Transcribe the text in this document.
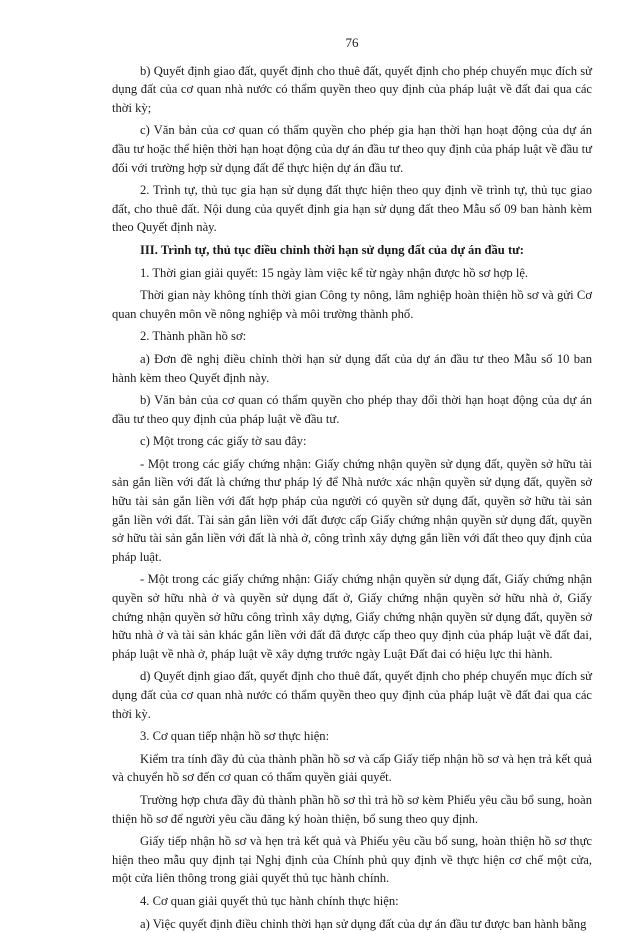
76

b) Quyết định giao đất, quyết định cho thuê đất, quyết định cho phép chuyển mục đích sử dụng đất của cơ quan nhà nước có thẩm quyền theo quy định của pháp luật về đất đai qua các thời kỳ;

c) Văn bản của cơ quan có thẩm quyền cho phép gia hạn thời hạn hoạt động của dự án đầu tư hoặc thể hiện thời hạn hoạt động của dự án đầu tư theo quy định của pháp luật về đầu tư đối với trường hợp sử dụng đất để thực hiện dự án đầu tư.

2. Trình tự, thủ tục gia hạn sử dụng đất thực hiện theo quy định về trình tự, thủ tục giao đất, cho thuê đất. Nội dung của quyết định gia hạn sử dụng đất theo Mẫu số 09 ban hành kèm theo Quyết định này.

III. Trình tự, thủ tục điều chỉnh thời hạn sử dụng đất của dự án đầu tư:

1. Thời gian giải quyết: 15 ngày làm việc kể từ ngày nhận được hồ sơ hợp lệ.

Thời gian này không tính thời gian Công ty nông, lâm nghiệp hoàn thiện hồ sơ và gửi Cơ quan chuyên môn về nông nghiệp và môi trường thành phố.

2. Thành phần hồ sơ:

a) Đơn đề nghị điều chỉnh thời hạn sử dụng đất của dự án đầu tư theo Mẫu số 10 ban hành kèm theo Quyết định này.

b) Văn bản của cơ quan có thẩm quyền cho phép thay đổi thời hạn hoạt động của dự án đầu tư theo quy định của pháp luật về đầu tư.

c) Một trong các giấy tờ sau đây:

- Một trong các giấy chứng nhận: Giấy chứng nhận quyền sử dụng đất, quyền sở hữu tài sản gắn liền với đất là chứng thư pháp lý để Nhà nước xác nhận quyền sử dụng đất, quyền sở hữu tài sản gắn liền với đất hợp pháp của người có quyền sử dụng đất, quyền sở hữu tài sản gắn liền với đất. Tài sản gắn liền với đất được cấp Giấy chứng nhận quyền sử dụng đất, quyền sở hữu tài sản gắn liền với đất là nhà ở, công trình xây dựng gắn liền với đất theo quy định của pháp luật.

- Một trong các giấy chứng nhận: Giấy chứng nhận quyền sử dụng đất, Giấy chứng nhận quyền sở hữu nhà ở và quyền sử dụng đất ở, Giấy chứng nhận quyền sở hữu nhà ở, Giấy chứng nhận quyền sở hữu công trình xây dựng, Giấy chứng nhận quyền sử dụng đất, quyền sở hữu nhà ở và tài sản khác gắn liền với đất đã được cấp theo quy định của pháp luật về đất đai, pháp luật về nhà ở, pháp luật về xây dựng trước ngày Luật Đất đai có hiệu lực thi hành.

d) Quyết định giao đất, quyết định cho thuê đất, quyết định cho phép chuyển mục đích sử dụng đất của cơ quan nhà nước có thẩm quyền theo quy định của pháp luật về đất đai qua các thời kỳ.

3. Cơ quan tiếp nhận hồ sơ thực hiện:

Kiểm tra tính đầy đủ của thành phần hồ sơ và cấp Giấy tiếp nhận hồ sơ và hẹn trả kết quả và chuyển hồ sơ đến cơ quan có thẩm quyền giải quyết.

Trường hợp chưa đầy đủ thành phần hồ sơ thì trả hồ sơ kèm Phiếu yêu cầu bổ sung, hoàn thiện hồ sơ để người yêu cầu đăng ký hoàn thiện, bổ sung theo quy định.

Giấy tiếp nhận hồ sơ và hẹn trả kết quả và Phiếu yêu cầu bổ sung, hoàn thiện hồ sơ thực hiện theo mẫu quy định tại Nghị định của Chính phủ quy định về thực hiện cơ chế một cửa, một cửa liên thông trong giải quyết thủ tục hành chính.

4. Cơ quan giải quyết thủ tục hành chính thực hiện:

a) Việc quyết định điều chỉnh thời hạn sử dụng đất của dự án đầu tư được ban hành bằng
